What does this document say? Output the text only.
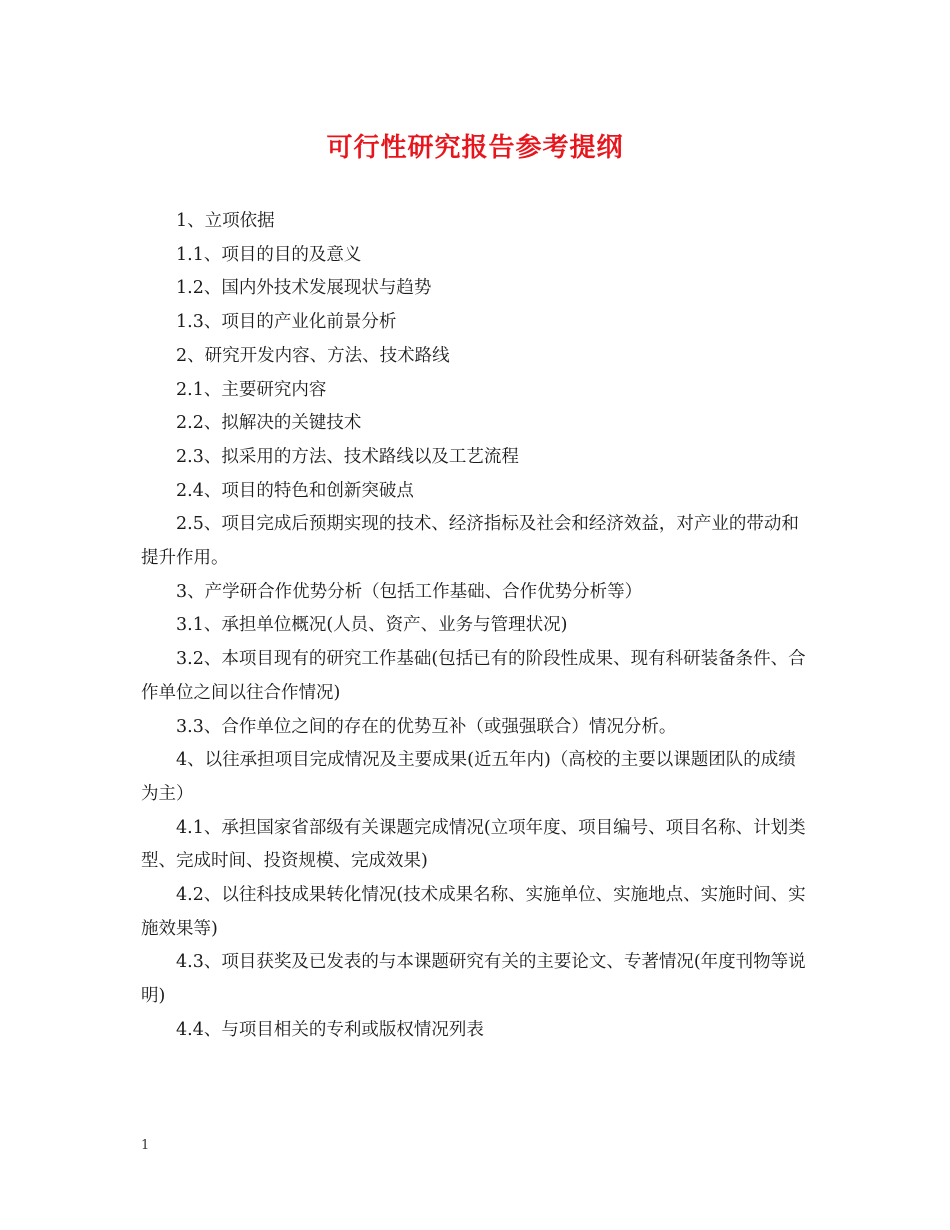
可行性研究报告参考提纲

1、立项依据

1.1、项目的目的及意义

1.2、国内外技术发展现状与趋势

1.3、项目的产业化前景分析

2、研究开发内容、方法、技术路线

2.1、主要研究内容

2.2、拟解决的关键技术

2.3、拟采用的方法、技术路线以及工艺流程

2.4、项目的特色和创新突破点

2.5、项目完成后预期实现的技术、经济指标及社会和经济效益，对产业的带动和提升作用。

3、产学研合作优势分析（包括工作基础、合作优势分析等）

3.1、承担单位概况(人员、资产、业务与管理状况)

3.2、本项目现有的研究工作基础(包括已有的阶段性成果、现有科研装备条件、合作单位之间以往合作情况)

3.3、合作单位之间的存在的优势互补（或强强联合）情况分析。

4、以往承担项目完成情况及主要成果(近五年内)（高校的主要以课题团队的成绩为主）

4.1、承担国家省部级有关课题完成情况(立项年度、项目编号、项目名称、计划类型、完成时间、投资规模、完成效果)

4.2、以往科技成果转化情况(技术成果名称、实施单位、实施地点、实施时间、实施效果等)

4.3、项目获奖及已发表的与本课题研究有关的主要论文、专著情况(年度刊物等说明)

4.4、与项目相关的专利或版权情况列表

1
